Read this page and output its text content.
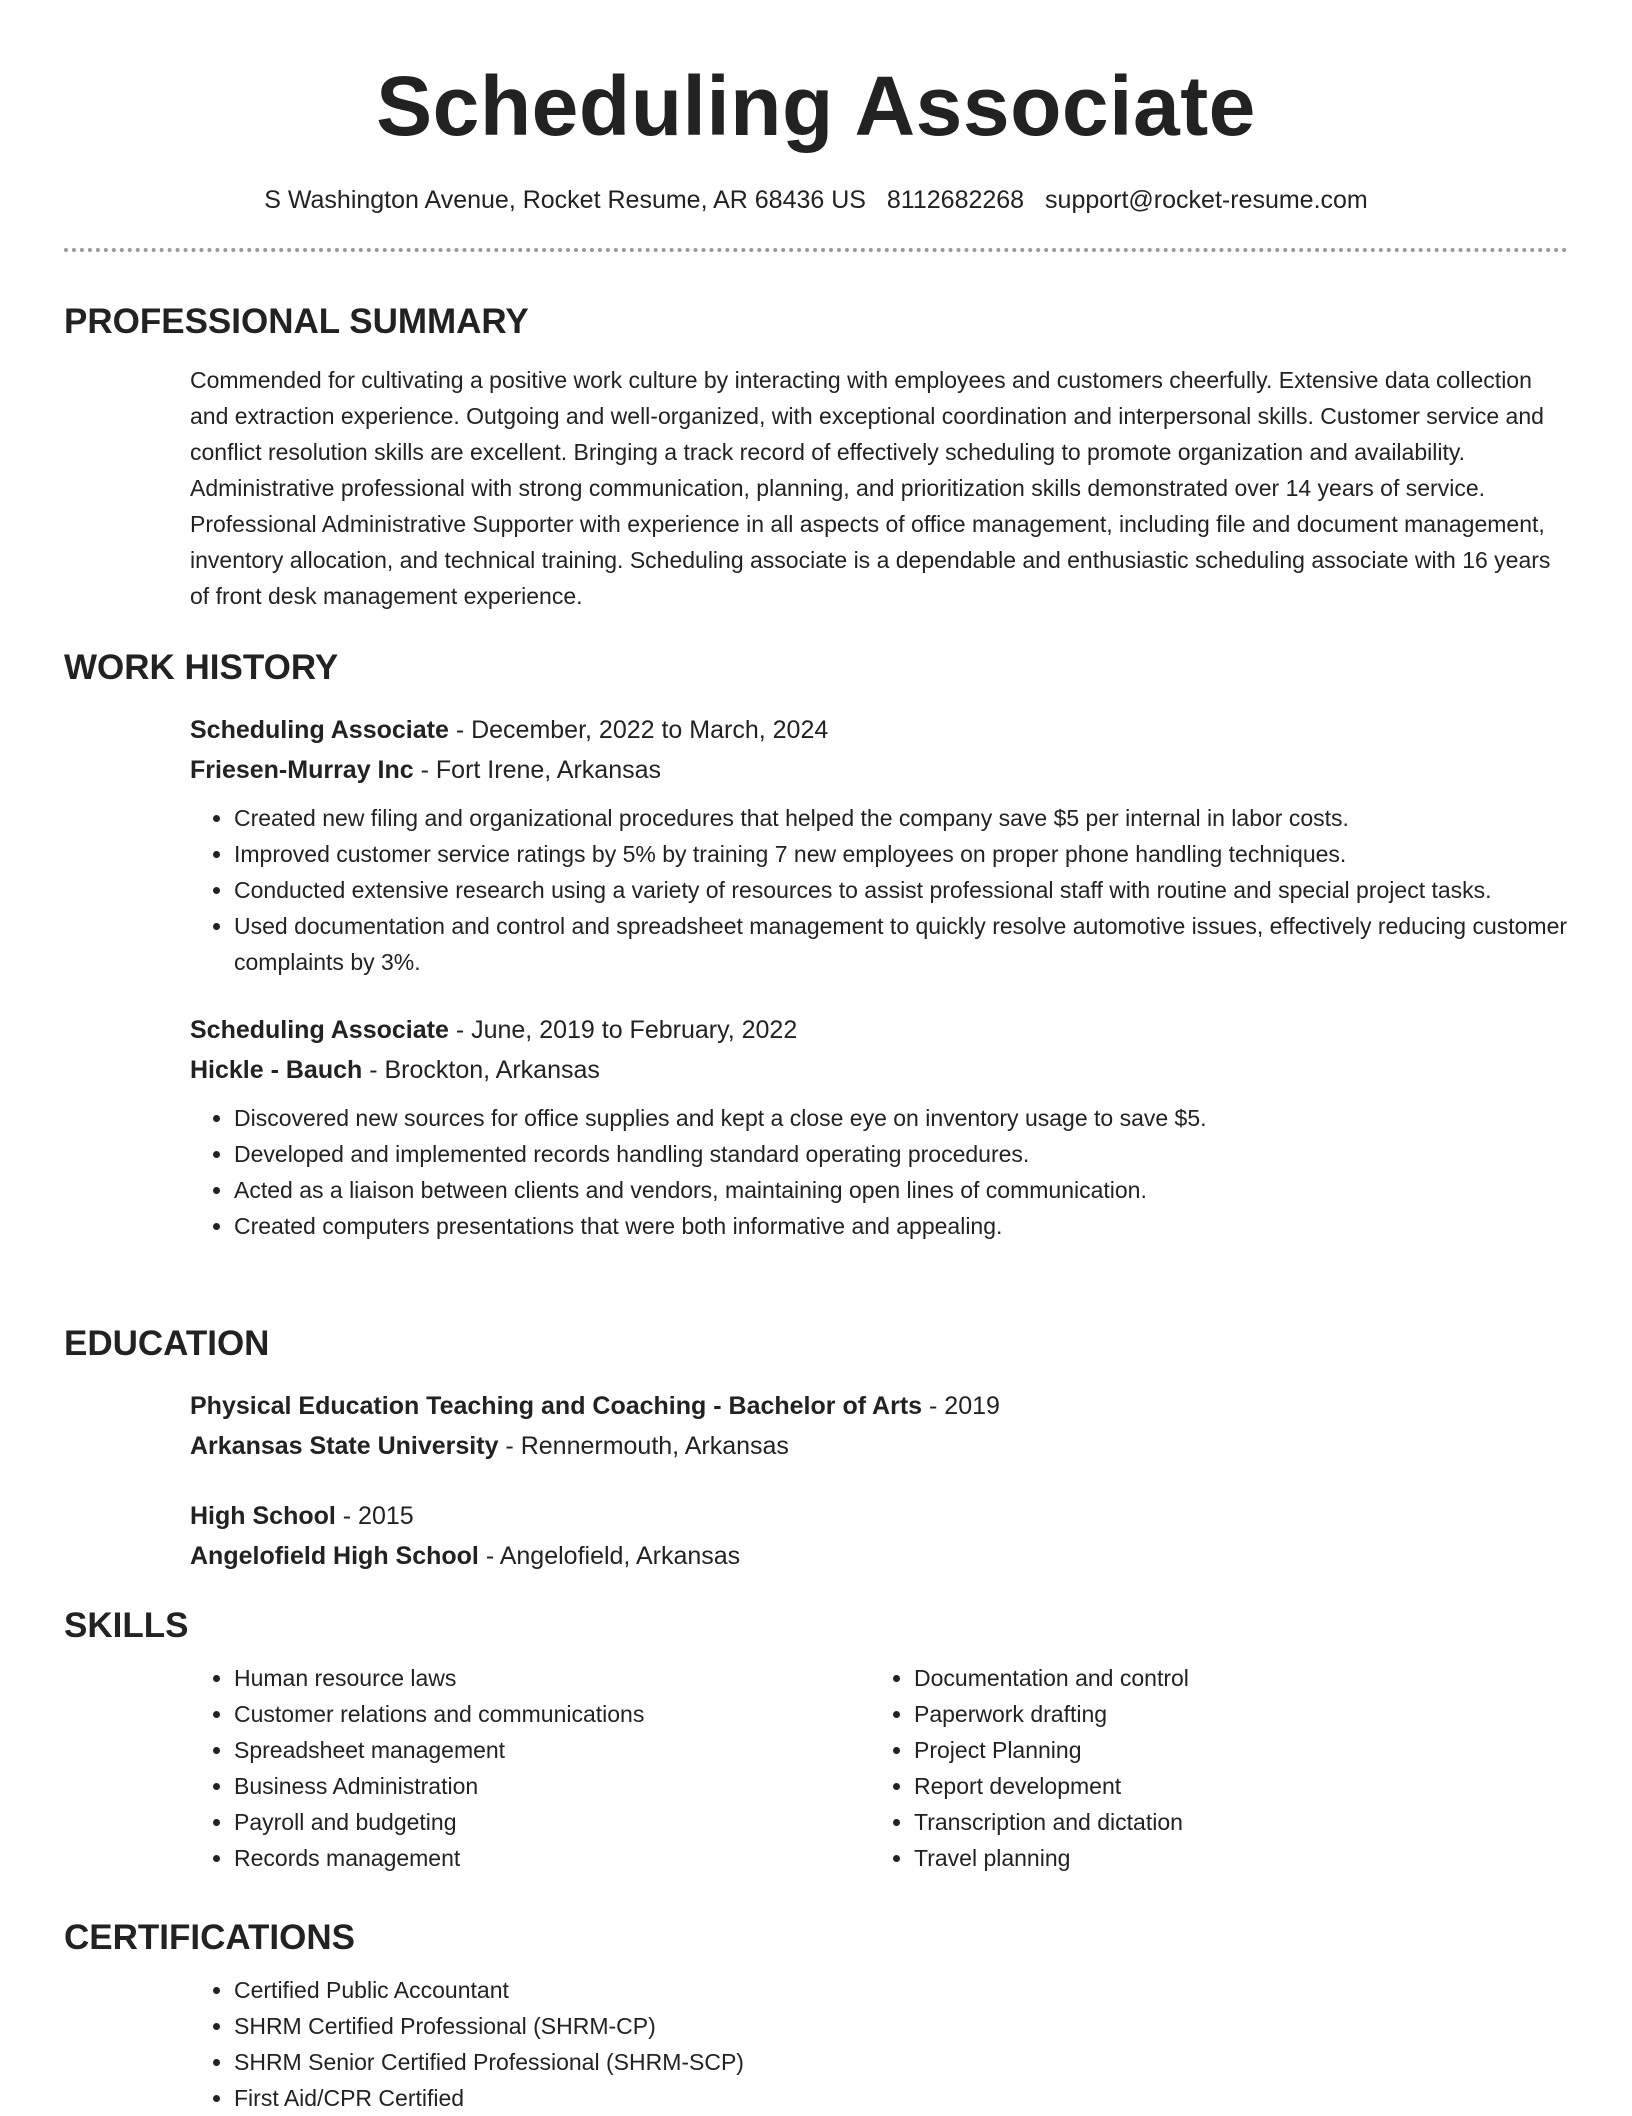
Scheduling Associate
S Washington Avenue, Rocket Resume, AR 68436 US 8112682268 support@rocket-resume.com
PROFESSIONAL SUMMARY

Commended for cultivating a positive work culture by interacting with employees and customers cheerfully. Extensive data collection and extraction experience. Outgoing and well-organized, with exceptional coordination and interpersonal skills. Customer service and conflict resolution skills are excellent. Bringing a track record of effectively scheduling to promote organization and availability. Administrative professional with strong communication, planning, and prioritization skills demonstrated over 14 years of service. Professional Administrative Supporter with experience in all aspects of office management, including file and document management, inventory allocation, and technical training. Scheduling associate is a dependable and enthusiastic scheduling associate with 16 years of front desk management experience.

WORK HISTORY

Scheduling Associate - December, 2022 to March, 2024

Friesen-Murray Inc - Fort Irene, Arkansas

• Created new filing and organizational procedures that helped the company save $5 per internal in labor costs.
• Improved customer service ratings by 5% by training 7 new employees on proper phone handling techniques.
• Conducted extensive research using a variety of resources to assist professional staff with routine and special project tasks.
• Used documentation and control and spreadsheet management to quickly resolve automotive issues, effectively reducing customer complaints by 3%.

Scheduling Associate - June, 2019 to February, 2022

Hickle - Bauch - Brockton, Arkansas

• Discovered new sources for office supplies and kept a close eye on inventory usage to save $5.
• Developed and implemented records handling standard operating procedures.
• Acted as a liaison between clients and vendors, maintaining open lines of communication.
• Created computers presentations that were both informative and appealing.
EDUCATION

Physical Education Teaching and Coaching - Bachelor of Arts - 2019

Arkansas State University - Rennermouth, Arkansas

High School - 2015

Angelofield High School - Angelofield, Arkansas

SKILLS
• Human resource laws
• Customer relations and communications
• Spreadsheet management
• Business Administration
• Payroll and budgeting
• Records management
• Documentation and control
• Paperwork drafting
• Project Planning
• Report development
• Transcription and dictation
• Travel planning
CERTIFICATIONS
• Certified Public Accountant
• SHRM Certified Professional (SHRM-CP)
• SHRM Senior Certified Professional (SHRM-SCP)
• First Aid/CPR Certified
